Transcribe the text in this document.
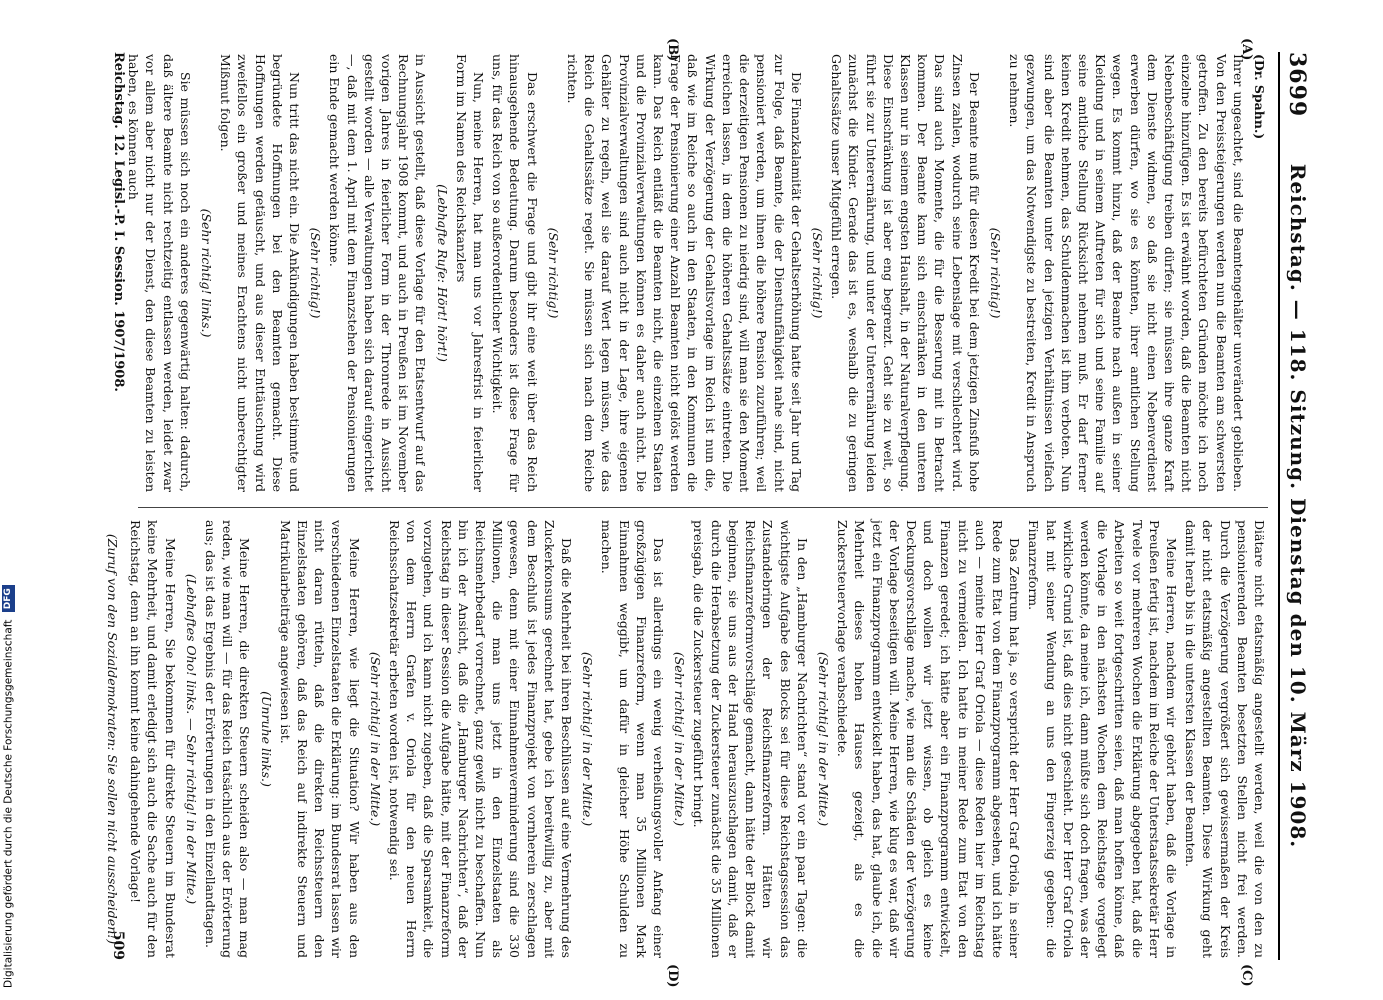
3699
Reichstag. — 118. Sitzung. Dienstag den 10. März 1908.
(A)
(B)
(C)
(D)
(Dr. Spahn.)

Ihrer ungeachtet, sind die Beamtengehälter unverändert geblieben. Von den Preissteigerungen werden nun die Beamten am schwersten getroffen. Zu den bereits befürchteten Gründen möchte ich noch einzelne hinzufügen. Es ist erwähnt worden, daß die Beamten nicht Nebenbeschäftigung treiben dürfen; sie müssen ihre ganze Kraft dem Dienste widmen, so daß sie nicht einen Nebenverdienst erwerben dürfen, wo sie es könnten, ihrer amtlichen Stellung wegen. Es kommt hinzu, daß der Beamte nach außen in seiner Kleidung und in seinem Auftreten für sich und seine Familie auf seine amtliche Stellung Rücksicht nehmen muß. Er darf ferner keinen Kredit nehmen, das Schuldenmachen ist ihm verboten. Nun sind aber die Beamten unter den jetzigen Verhältnissen vielfach gezwungen, um das Notwendigste zu bestreiten, Kredit in Anspruch zu nehmen.

(Sehr richtig!)

Der Beamte muß für diesen Kredit bei dem jetzigen Zinsfuß hohe Zinsen zahlen, wodurch seine Lebenslage mit verschlechtert wird. Das sind auch Momente, die für die Besserung mit in Betracht kommen. Der Beamte kann sich einschränken in den unteren Klassen nur in seinem engsten Haushalt, in der Naturalverpflegung. Diese Einschränkung ist aber eng begrenzt. Geht sie zu weit, so führt sie zur Unterernährung, und unter der Unterernährung leiden zunächst die Kinder. Gerade das ist es, weshalb die zu geringen Gehaltssätze unser Mitgefühl erregen.

(Sehr richtig!)

Die Finanzkalamität der Gehaltserhöhung hatte seit Jahr und Tag zur Folge, daß Beamte, die der Dienstunfähigkeit nahe sind, nicht pensioniert werden, um ihnen die höhere Pension zuzuführen; weil die derzeitigen Pensionen zu niedrig sind, will man sie den Moment erreichen lassen, in dem die höheren Gehaltssätze eintreten. Die Wirkung der Verzögerung der Gehaltsvorlage im Reich ist nun die, daß wie im Reiche so auch in den Staaten, in den Kommunen die Frage der Pensionierung einer Anzahl Beamten nicht gelöst werden kann. Das Reich entläßt die Beamten nicht, die einzelnen Staaten und die Provinzialverwaltungen können es daher auch nicht. Die Provinzialverwaltungen sind auch nicht in der Lage, ihre eigenen Gehälter zu regeln, weil sie darauf Wert legen müssen, wie das Reich die Gehaltssätze regelt. Sie müssen sich nach dem Reiche richten.

(Sehr richtig!)

Das erschwert die Frage und gibt ihr eine weit über das Reich hinausgehende Bedeutung. Darum besonders ist diese Frage für uns, für das Reich von so außerordentlicher Wichtigkeit.

Nun, meine Herren, hat man uns vor Jahresfrist in feierlicher Form im Namen des Reichskanzlers

(Lebhafte Rufe: Hört! hört!)

in Aussicht gestellt, daß diese Vorlage für den Etatsentwurf auf das Rechnungsjahr 1908 kommt, und auch in Preußen ist im November vorigen Jahres in feierlicher Form in der Thronrede in Aussicht gestellt worden — alle Verwaltungen haben sich darauf eingerichtet —, daß mit dem 1. April mit dem Finanzstehen der Pensionierungen ein Ende gemacht werden könne.

(Sehr richtig!)

Nun tritt das nicht ein. Die Ankündigungen haben bestimmte und begründete Hoffnungen bei den Beamten gemacht. Diese Hoffnungen werden getäuscht, und aus dieser Enttäuschung wird zweifellos ein großer und meines Erachtens nicht unberechtigter Mißmut folgen.

(Sehr richtig! links.)

Sie müssen sich noch ein anderes gegenwärtig halten: dadurch, daß ältere Beamte nicht rechtzeitig entlassen werden, leidet zwar vor allem aber nicht nur der Dienst, den diese Beamten zu leisten haben, es können auch

Diätare nicht etatsmäßig angestellt werden, weil die von den zu pensionierenden Beamten besetzten Stellen nicht frei werden. Durch die Verzögerung vergrößert sich gewissermaßen der Kreis der nicht etatsmäßig angestellten Beamten. Diese Wirkung geht damit herab bis in die untersten Klassen der Beamten.

Meine Herren, nachdem wir gehört haben, daß die Vorlage in Preußen fertig ist, nachdem im Reiche der Unterstaatssekretär Herr Twele vor mehreren Wochen die Erklärung abgegeben hat, daß die Arbeiten so weit fortgeschritten seien, daß man hoffen könne, daß die Vorlage in den nächsten Wochen dem Reichstage vorgelegt werden könnte, da meine ich, dann müßte sich doch fragen, was der wirkliche Grund ist, daß dies nicht geschieht. Der Herr Graf Oriola hat mit seiner Wendung an uns den Fingerzeig gegeben: die Finanzreform.

Das Zentrum hat ja, so verspricht der Herr Graf Oriola, in seiner Rede zum Etat von dem Finanzprogramm abgesehen, und ich hätte auch — meinte Herr Graf Oriola — diese Reden hier im Reichstag nicht zu vermeiden. Ich hatte in meiner Rede zum Etat von den Finanzen geredet; ich hätte aber ein Finanzprogramm entwickelt, und doch wollen wir jetzt wissen, ob gleich es keine Deckungsvorschläge mache, wie man die Schäden der Verzögerung der Vorlage beseitigen will. Meine Herren, wie klug es war, daß wir jetzt ein Finanzprogramm entwickelt haben, das hat, glaube ich, die Mehrheit dieses hohen Hauses gezeigt, als es die Zuckersteuervorlage verabschiedete.

(Sehr richtig! in der Mitte.)

In den „Hamburger Nachrichten“ stand vor ein paar Tagen: die wichtigste Aufgabe des Blocks sei für diese Reichstagssession das Zustandebringen der Reichsfinanzreform. Hätten wir Reichsfinanzreformvorschläge gemacht, dann hätte der Block damit beginnen, sie uns aus der Hand herauszuschlagen damit, daß er durch die Herabsetzung der Zuckersteuer zunächst die 35 Millionen preisgab, die die Zuckersteuer zugeführt bringt.

(Sehr richtig! in der Mitte.)

Das ist allerdings ein wenig verheißungsvoller Anfang einer großzügigen Finanzreform, wenn man 35 Millionen Mark Einnahmen weggibt, um dafür in gleicher Höhe Schulden zu machen.

(Sehr richtig! in der Mitte.)

Daß die Mehrheit bei ihren Beschlüssen auf eine Vermehrung des Zuckerkonsums gerechnet hat, gebe ich bereitwillig zu, aber mit dem Beschluß ist jedes Finanzprojekt von vornherein zerschlagen gewesen, denn mit einer Einnahmenverminderung sind die 330 Millionen, die man uns jetzt in den Einzelstaaten als Reichsmehrbedarf vorrechnet, ganz gewiß nicht zu beschaffen. Nun bin ich der Ansicht, daß die „Hamburger Nachrichten“, daß der Reichstag in dieser Session die Aufgabe hätte, mit der Finanzreform vorzugehen, und ich kann nicht zugeben, daß die Sparsamkeit, die von dem Herrn Grafen v. Oriola für den neuen Herrn Reichsschatzsekretär erbeten worden ist, notwendig sei.

(Sehr richtig! in der Mitte.)

Meine Herren, wie liegt die Situation? Wir haben aus den verschiedenen Einzelstaaten die Erklärung: im Bundesrat lassen wir nicht daran rütteln, daß die direkten Reichssteuern den Einzelstaaten gehören, daß das Reich auf indirekte Steuern und Matrikularbeiträge angewiesen ist.

(Unruhe links.)

Meine Herren, die direkten Steuern scheiden also — man mag reden, wie man will — für das Reich tatsächlich aus der Erörterung aus; das ist das Ergebnis der Erörterungen in den Einzellandtagen.

(Lebhaftes Oho! links. — Sehr richtig! in der Mitte.)

Meine Herren, Sie bekommen für direkte Steuern im Bundesrat keine Mehrheit, und damit erledigt sich auch die Sache auch für den Reichstag, denn an ihn kommt keine dahingehende Vorlage!

(Zuruf von den Sozialdemokraten: Sie sollen nicht ausscheiden!)
Reichstag. 12. Legisl.-P. I. Session. 1907/1908.
509
Digitalisierung gefördert durch die Deutsche Forschungsgemeinschaft DFG
